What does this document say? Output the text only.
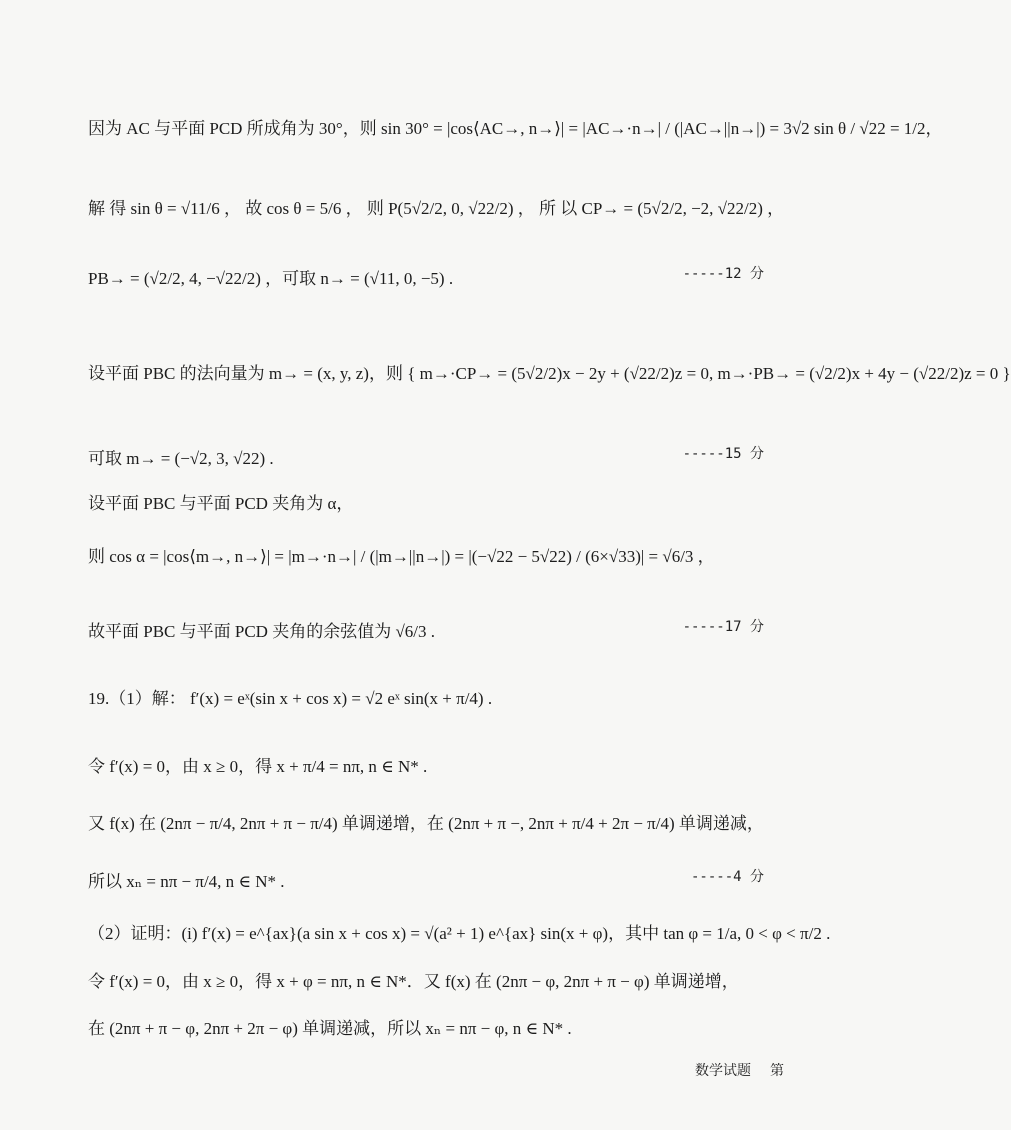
因为 AC 与平面 PCD 所成角为 30°，则 sin 30° = |cos⟨AC→, n→⟩| = |AC→·n→| / (|AC→||n→|) = 3√2 sin θ / √22 = 1/2，
解 得 sin θ = √11/6 ， 故 cos θ = 5/6 ， 则 P(5√2/2, 0, √22/2) ， 所 以 CP→ = (5√2/2, −2, √22/2) ，
PB→ = (√2/2, 4, −√22/2) ，可取 n→ = (√11, 0, −5) .	-----12 分
设平面 PBC 的法向量为 m→ = (x, y, z)，则 { m→·CP→ = (5√2/2)x − 2y + (√22/2)z = 0, m→·PB→ = (√2/2)x + 4y − (√22/2)z = 0 }
可取 m→ = (−√2, 3, √22) .	-----15 分
设平面 PBC 与平面 PCD 夹角为 α，
则 cos α = |cos⟨m→, n→⟩| = |m→·n→| / (|m→||n→|) = |(−√22 − 5√22) / (6×√33)| = √6/3 ，
故平面 PBC 与平面 PCD 夹角的余弦值为 √6/3 .	-----17 分
19.（1）解： f′(x) = eˣ(sin x + cos x) = √2 eˣ sin(x + π/4) .
令 f′(x) = 0，由 x ≥ 0，得 x + π/4 = nπ, n ∈ N* .
又 f(x) 在 (2nπ − π/4, 2nπ + π − π/4) 单调递增，在 (2nπ + π −, 2nπ + π/4 + 2π − π/4) 单调递减，
所以 xₙ = nπ − π/4, n ∈ N* .	-----4 分
（2）证明：(i) f′(x) = e^{ax}(a sin x + cos x) = √(a² + 1) e^{ax} sin(x + φ)，其中 tan φ = 1/a, 0 < φ < π/2 .
令 f′(x) = 0，由 x ≥ 0，得 x + φ = nπ, n ∈ N*．又 f(x) 在 (2nπ − φ, 2nπ + π − φ) 单调递增，
在 (2nπ + π − φ, 2nπ + 2π − φ) 单调递减，所以 xₙ = nπ − φ, n ∈ N* .
数学试题 第
